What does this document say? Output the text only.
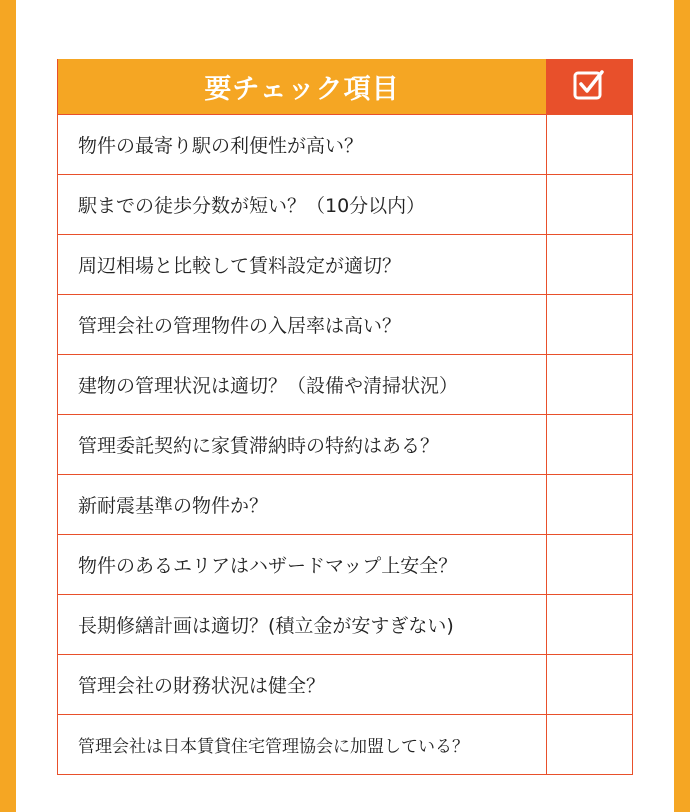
要チェック項目
物件の最寄り駅の利便性が高い？
駅までの徒歩分数が短い？（10分以内）
周辺相場と比較して賃料設定が適切？
管理会社の管理物件の入居率は高い？
建物の管理状況は適切？（設備や清掃状況）
管理委託契約に家賃滞納時の特約はある？
新耐震基準の物件か？
物件のあるエリアはハザードマップ上安全？
長期修繕計画は適切？(積立金が安すぎない)
管理会社の財務状況は健全？
管理会社は日本賃貸住宅管理協会に加盟している？
